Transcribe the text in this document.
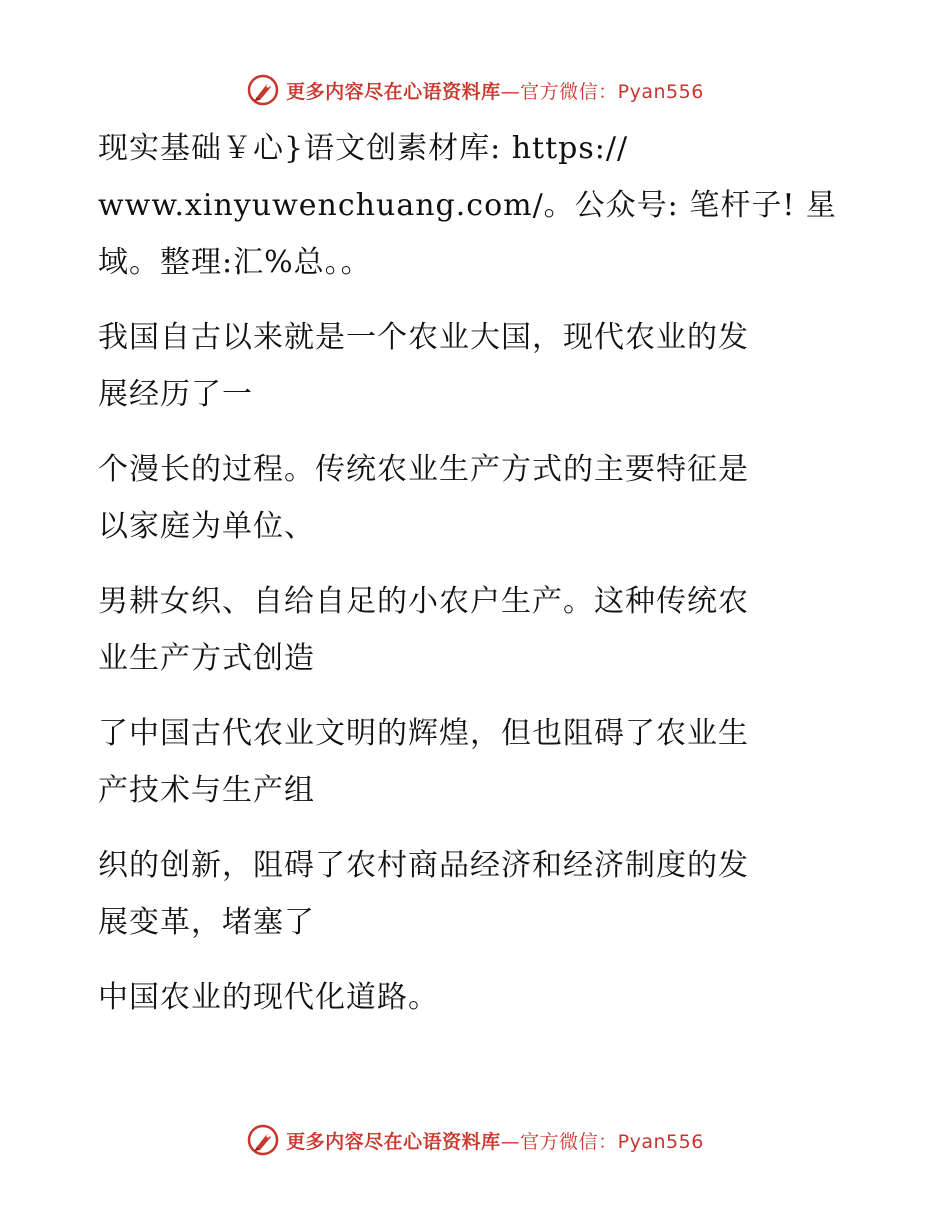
更多内容尽在心语资料库—官方微信：Pyan556

现实基础￥心}语文创素材库: https://
www.xinyuwenchuang.com/。公众号: 笔杆子! 星
域。整理:汇%总。。

我国自古以来就是一个农业大国，现代农业的发
展经历了一

个漫长的过程。传统农业生产方式的主要特征是
以家庭为单位、

男耕女织、自给自足的小农户生产。这种传统农
业生产方式创造

了中国古代农业文明的辉煌，但也阻碍了农业生
产技术与生产组

织的创新，阻碍了农村商品经济和经济制度的发
展变革，堵塞了

中国农业的现代化道路。

更多内容尽在心语资料库—官方微信：Pyan556
